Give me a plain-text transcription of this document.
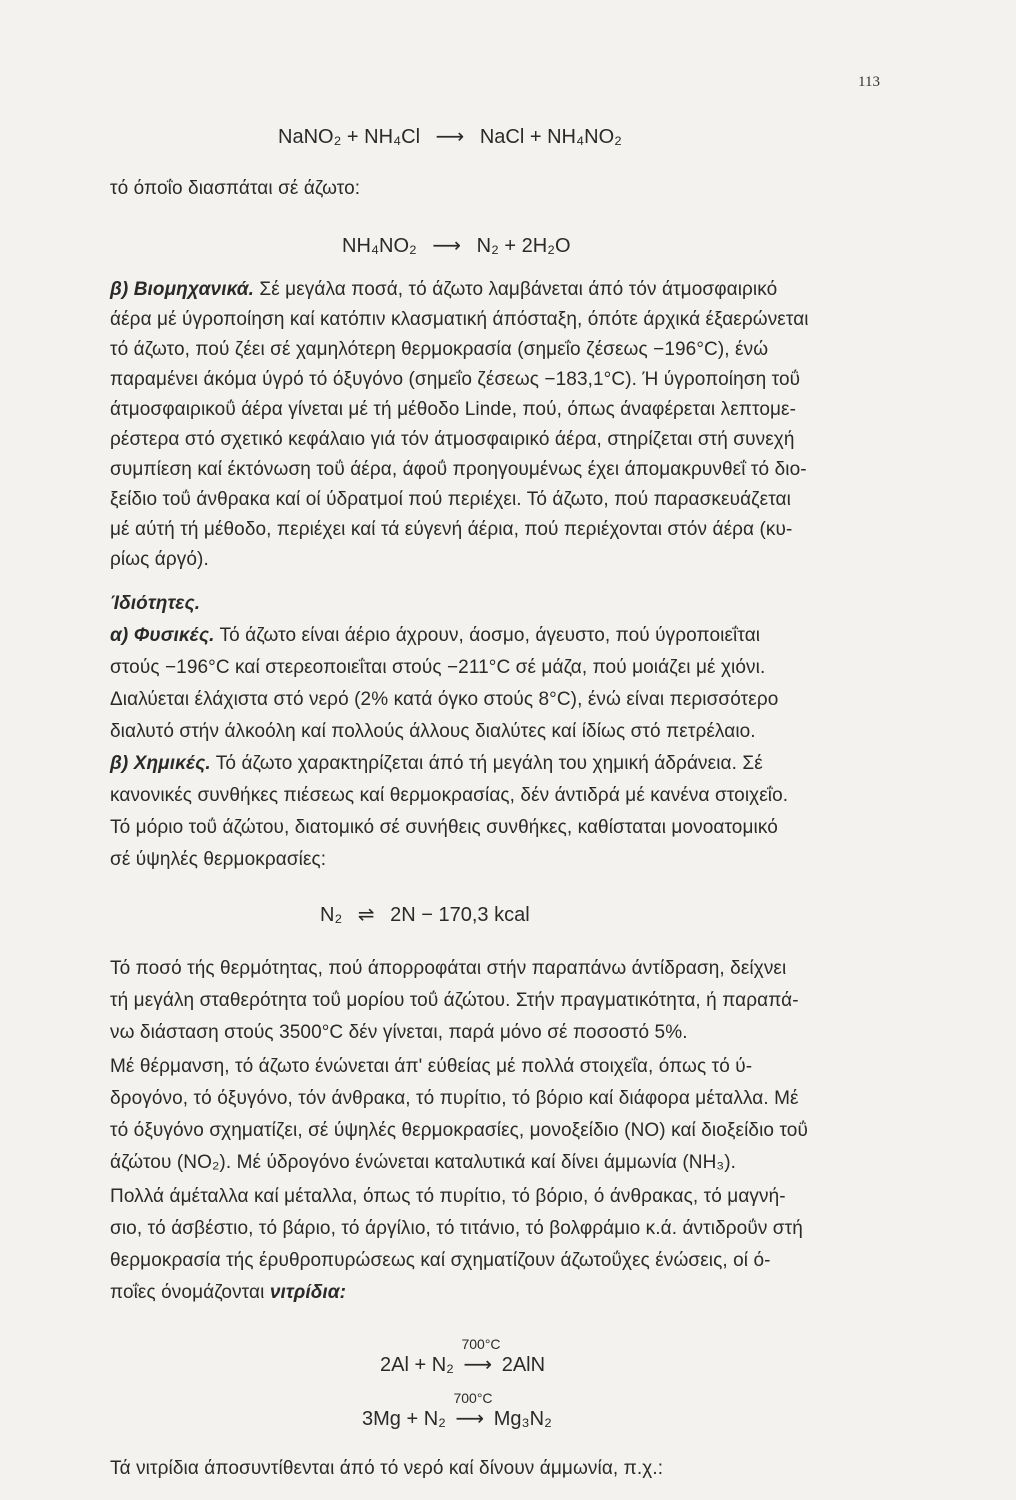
113
NaNO₂ + NH₄Cl ⟶ NaCl + NH₄NO₂
τό όποΐο διασπάται σέ άζωτο:
NH₄NO₂ ⟶ N₂ + 2H₂O
β) Βιομηχανικά. Σέ μεγάλα ποσά, τό άζωτο λαμβάνεται άπό τόν άτμοσφαιρικό
άέρα μέ ύγροποίηση καί κατόπιν κλασματική άπόσταξη, όπότε άρχικά έξαερώνεται
τό άζωτο, πού ζέει σέ χαμηλότερη θερμοκρασία (σημεΐο ζέσεως −196°C), ένώ
παραμένει άκόμα ύγρό τό όξυγόνο (σημεΐο ζέσεως −183,1°C). Ή ύγροποίηση τοΰ
άτμοσφαιρικοΰ άέρα γίνεται μέ τή μέθοδο Linde, πού, όπως άναφέρεται λεπτομε-
ρέστερα στό σχετικό κεφάλαιο γιά τόν άτμοσφαιρικό άέρα, στηρίζεται στή συνεχή
συμπίεση καί έκτόνωση τοΰ άέρα, άφοΰ προηγουμένως έχει άπομακρυνθεΐ τό διο-
ξείδιο τοΰ άνθρακα καί οί ύδρατμοί πού περιέχει. Τό άζωτο, πού παρασκευάζεται
μέ αύτή τή μέθοδο, περιέχει καί τά εύγενή άέρια, πού περιέχονται στόν άέρα (κυ-
ρίως άργό).
Ίδιότητες.
α) Φυσικές. Τό άζωτο είναι άέριο άχρουν, άοσμο, άγευστο, πού ύγροποιεΐται
στούς −196°C καί στερεοποιεΐται στούς −211°C σέ μάζα, πού μοιάζει μέ χιόνι.
Διαλύεται έλάχιστα στό νερό (2% κατά όγκο στούς 8°C), ένώ είναι περισσότερο
διαλυτό στήν άλκοόλη καί πολλούς άλλους διαλύτες καί ίδίως στό πετρέλαιο.
β) Χημικές. Τό άζωτο χαρακτηρίζεται άπό τή μεγάλη του χημική άδράνεια. Σέ
κανονικές συνθήκες πιέσεως καί θερμοκρασίας, δέν άντιδρά μέ κανένα στοιχεΐο.
Τό μόριο τοΰ άζώτου, διατομικό σέ συνήθεις συνθήκες, καθίσταται μονοατομικό
σέ ύψηλές θερμοκρασίες:
N₂ ⇌ 2N − 170,3 kcal
Τό ποσό τής θερμότητας, πού άπορροφάται στήν παραπάνω άντίδραση, δείχνει
τή μεγάλη σταθερότητα τοΰ μορίου τοΰ άζώτου. Στήν πραγματικότητα, ή παραπά-
νω διάσταση στούς 3500°C δέν γίνεται, παρά μόνο σέ ποσοστό 5%.
Μέ θέρμανση, τό άζωτο ένώνεται άπ' εύθείας μέ πολλά στοιχεΐα, όπως τό ύ-
δρογόνο, τό όξυγόνο, τόν άνθρακα, τό πυρίτιο, τό βόριο καί διάφορα μέταλλα. Μέ
τό όξυγόνο σχηματίζει, σέ ύψηλές θερμοκρασίες, μονοξείδιο (NO) καί διοξείδιο τοΰ
άζώτου (NO₂). Μέ ύδρογόνο ένώνεται καταλυτικά καί δίνει άμμωνία (NH₃).
Πολλά άμέταλλα καί μέταλλα, όπως τό πυρίτιο, τό βόριο, ό άνθρακας, τό μαγνή-
σιο, τό άσβέστιο, τό βάριο, τό άργίλιο, τό τιτάνιο, τό βολφράμιο κ.ά. άντιδροΰν στή
θερμοκρασία τής έρυθροπυρώσεως καί σχηματίζουν άζωτοΰχες ένώσεις, οί ό-
ποΐες όνομάζονται νιτρίδια:
2Al + N₂
700°C
⟶ 2AlN
3Mg + N₂
700°C
⟶ Mg₃N₂
Τά νιτρίδια άποσυντίθενται άπό τό νερό καί δίνουν άμμωνία, π.χ.:
